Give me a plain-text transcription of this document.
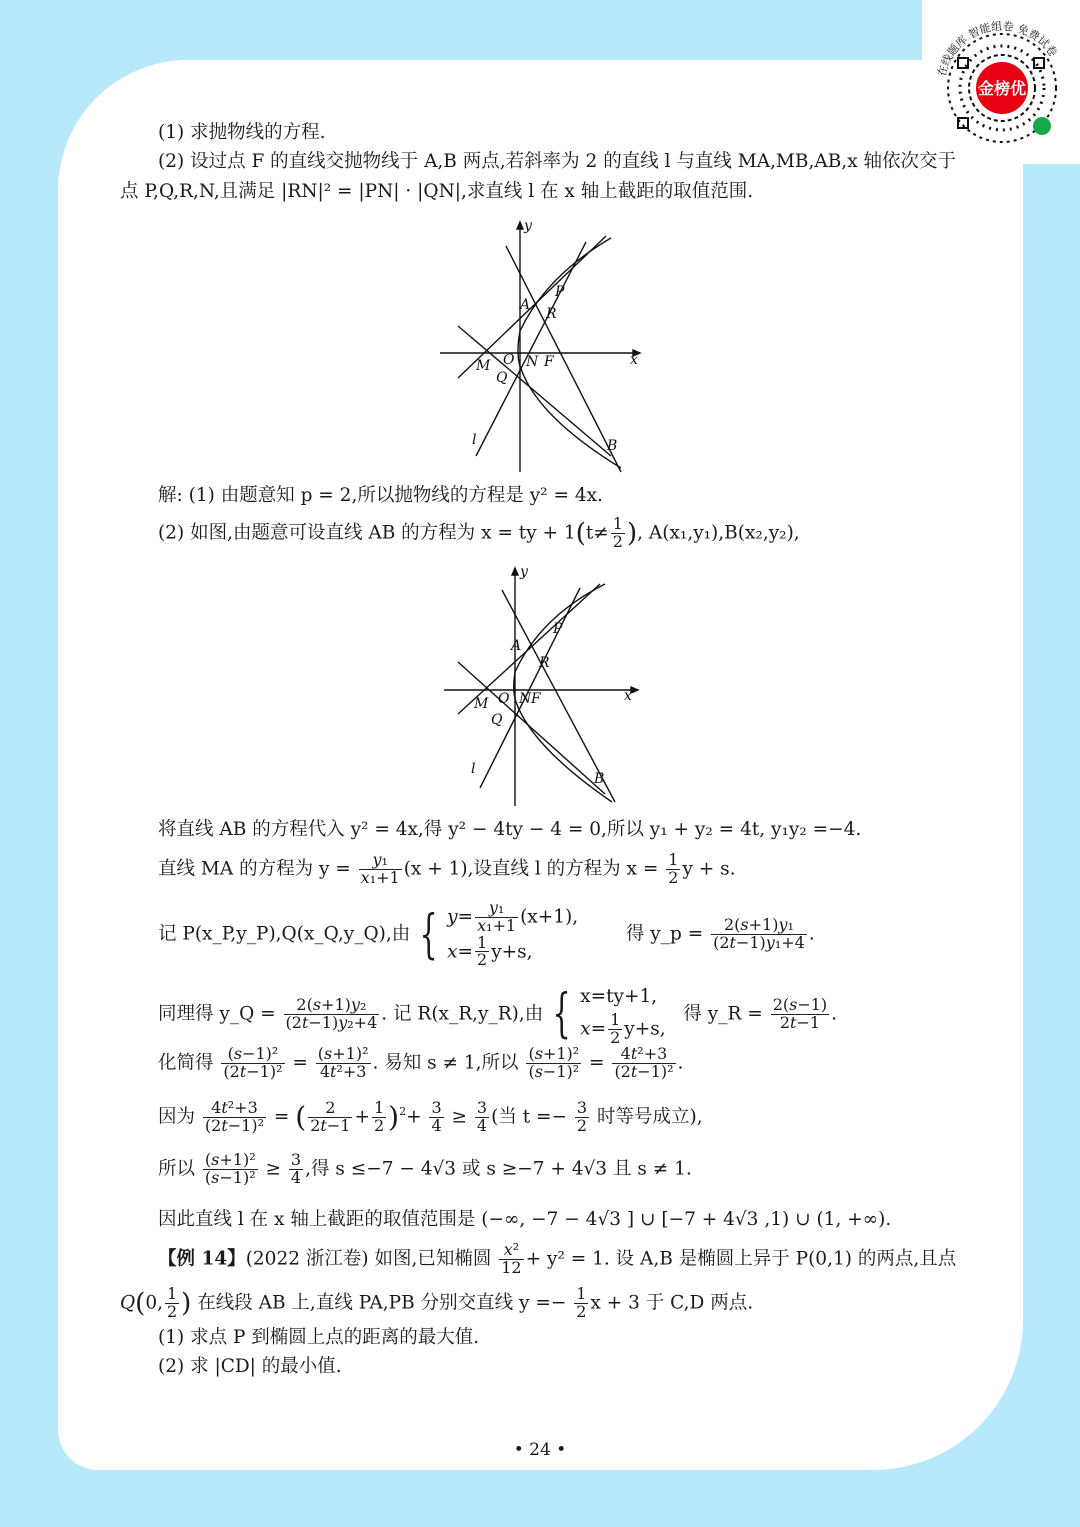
金榜优
在线题库 智能组卷 免费试卷
(1) 求抛物线的方程.
(2) 设过点 F 的直线交抛物线于 A,B 两点,若斜率为 2 的直线 l 与直线 MA,MB,AB,x 轴依次交于
点 P,Q,R,N,且满足 |RN|² = |PN| · |QN|,求直线 l 在 x 轴上截距的取值范围.
y
x
A
P
R
M O N F
Q
l	B
解: (1) 由题意知 p = 2,所以抛物线的方程是 y² = 4x.
(2) 如图,由题意可设直线 AB 的方程为 x = ty + $1(t\ne \frac{1}{2}$ ), A(x₁,y₁),B(x₂,y₂),
y
x
A
P
R
M O N F
Q
l
B
将直线 AB 的方程代入 y² = 4x,得 y² − 4ty − 4 = 0,所以 y₁ + y₂ = 4t, y₁y₂ =−4.
直线 MA 的方程为 $y = \frac{\text{y₁}}{\text{x₁+1}} (x + 1)$,设直线 l 的方程为 $x = \frac{1}{2}$ y + s.
记 P(x_P,y_P),Q(x_Q,y_Q),由 { $y= \frac{\text{y₁}}{\text{x₁+1}} (x+1)$,
$x= \frac{1}{2} y+s$,
得 y_p = $\frac{\text{2(s+1)y₁}}{\text{(2t−1)y₁+4}}$ .
同理得 y_Q = $\frac{\text{2(s+1)y₂}}{\text{(2t−1)y₂+4}}$ . 记 R(x_R,y_R),由 { x=ty+1,
$x= \frac{1}{2} y+s$,
得 y_R = $\frac{2(s-1)}{2t-1}$ .
化简得 $\frac{\text{(s−1)²}}{\text{(2t−1)²}} = \frac{\text{(s+1)²}}{\text{4t²+3}}$ . 易知 s ≠ 1,所以 $\frac{\text{(s+1)²}}{\text{(s−1)²}} = \frac{\text{4t²+3}}{\text{(2t−1)²}}$ .
因为 $\frac{\text{4t²+3}}{\text{(2t−1)²}}$ = ( $\frac{2}{2t-1} + \frac{1}{2} )^2+ \frac{3}{4} \ge \frac{3}{4}$ (当 $t =- \frac{3}{2}$ 时等号成立),
所以 $\frac{\text{(s+1)²}}{\text{(s−1)²}} \ge \frac{3}{4}$ ,得 s ≤−7 − 4√3 或 s ≥−7 + 4√3 且 s ≠ 1.
因此直线 l 在 x 轴上截距的取值范围是 (−∞, −7 − 4√3 ] ∪ [−7 + 4√3 ,1) ∪ (1, +∞).
【例 14】(2022 浙江卷) 如图,已知椭圆 $\frac{\text{x²}}{12} + y^2 = 1$. 设 A,B 是椭圆上异于 P(0,1) 的两点,且点
Q(0, $\frac{1}{2}$ ) 在线段 AB 上,直线 PA,PB 分别交直线 $y =- \frac{1}{2}$ x + 3 于 C,D 两点.
(1) 求点 P 到椭圆上点的距离的最大值.
(2) 求 |CD| 的最小值.
• 24 •
